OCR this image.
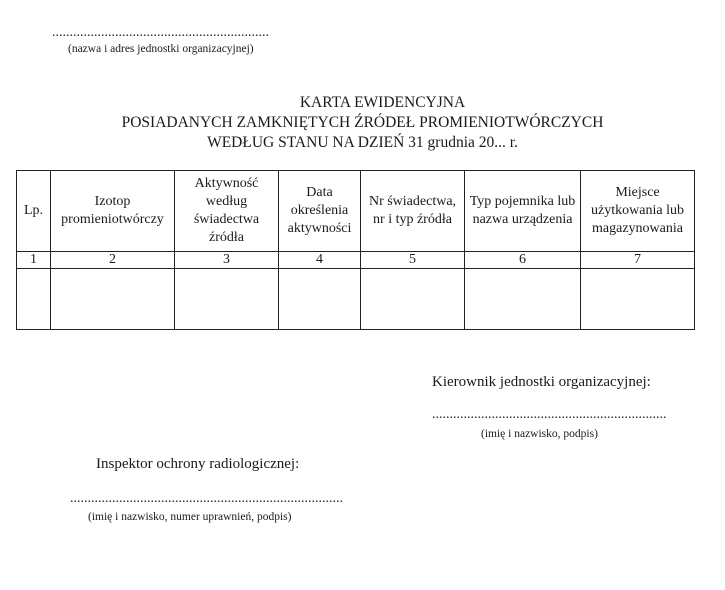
..............................................................
(nazwa i adres jednostki organizacyjnej)
KARTA EWIDENCYJNA
POSIADANYCH ZAMKNIĘTYCH ŹRÓDEŁ PROMIENIOTWÓRCZYCH
WEDŁUG STANU NA DZIEŃ 31 grudnia 20... r.
Lp.	Izotop promieniotwórczy	Aktywność według świadectwa źródła	Data określenia aktywności	Nr świadectwa, nr i typ źródła	Typ pojemnika lub nazwa urządzenia	Miejsce użytkowania lub magazynowania
1	2	3	4	5	6	7

Kierownik jednostki organizacyjnej:
...................................................................
(imię i nazwisko, podpis)
Inspektor ochrony radiologicznej:
..............................................................................
(imię i nazwisko, numer uprawnień, podpis)
